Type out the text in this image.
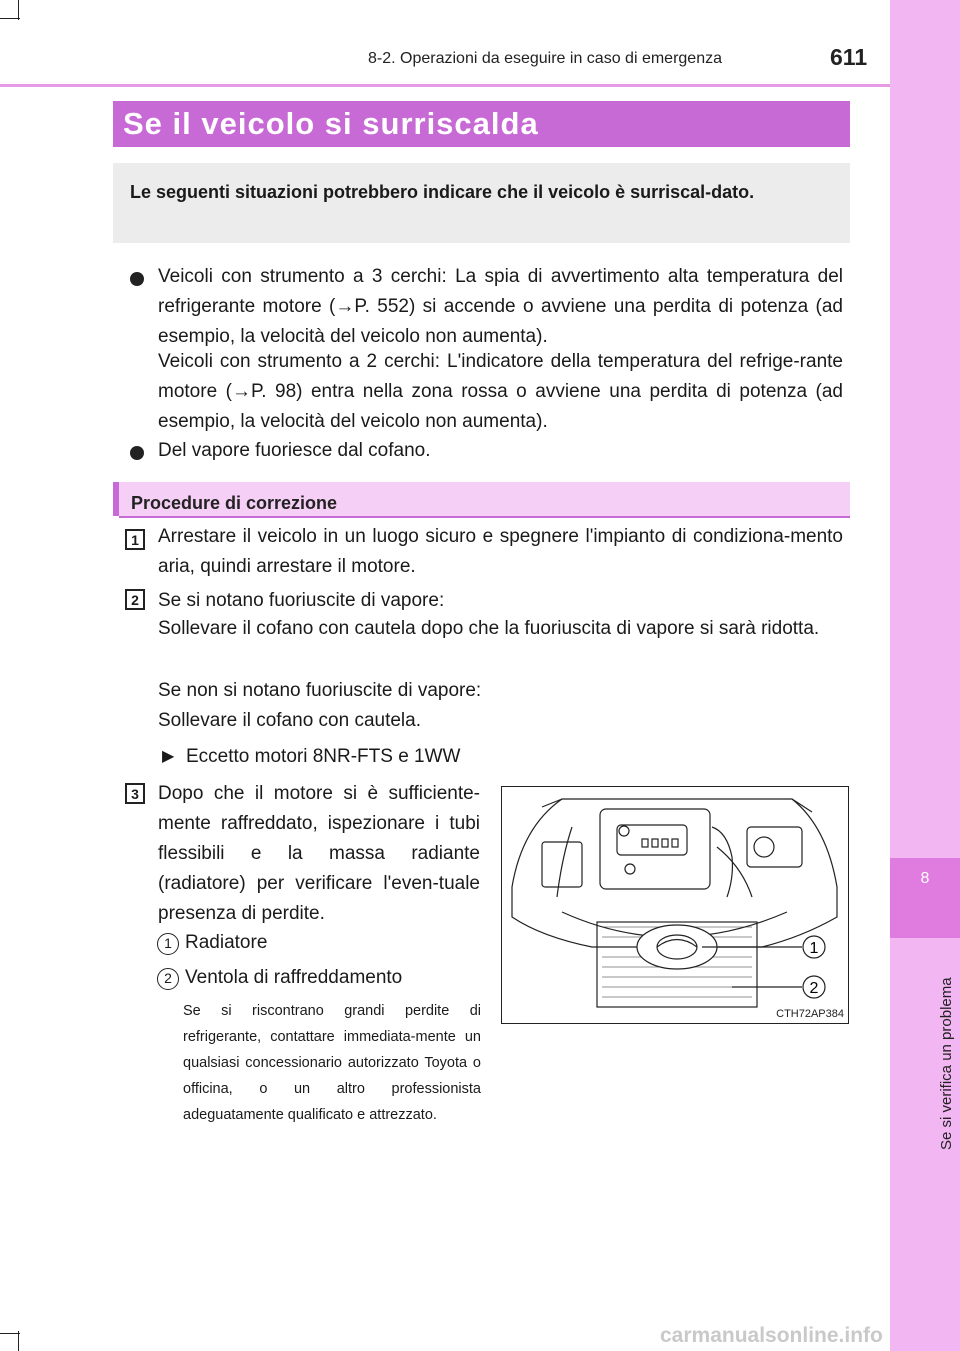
8
Se si verifica un problema
8-2. Operazioni da eseguire in caso di emergenza	611
Se il veicolo si surriscalda

Le seguenti situazioni potrebbero indicare che il veicolo è surriscal-dato.

Veicoli con strumento a 3 cerchi: La spia di avvertimento alta temperatura del refrigerante motore (→P. 552) si accende o avviene una perdita di potenza (ad esempio, la velocità del veicolo non aumenta).
Veicoli con strumento a 2 cerchi: L'indicatore della temperatura del refrige-rante motore (→P. 98) entra nella zona rossa o avviene una perdita di potenza (ad esempio, la velocità del veicolo non aumenta).
Del vapore fuoriesce dal cofano.
Procedure di correzione
1	Arrestare il veicolo in un luogo sicuro e spegnere l'impianto di condiziona-mento aria, quindi arrestare il motore.
2	Se si notano fuoriuscite di vapore:
Sollevare il cofano con cautela dopo che la fuoriuscita di vapore si sarà ridotta.
Se non si notano fuoriuscite di vapore:
Sollevare il cofano con cautela.
▶ Eccetto motori 8NR-FTS e 1WW
3	Dopo che il motore si è sufficiente-mente raffreddato, ispezionare i tubi flessibili e la massa radiante (radiatore) per verificare l'even-tuale presenza di perdite.
1 Radiatore
2 Ventola di raffreddamento
Se si riscontrano grandi perdite di refrigerante, contattare immediata-mente un qualsiasi concessionario autorizzato Toyota o officina, o un altro professionista adeguatamente qualificato e attrezzato.
1
2
CTH72AP384
carmanualsonline.info
